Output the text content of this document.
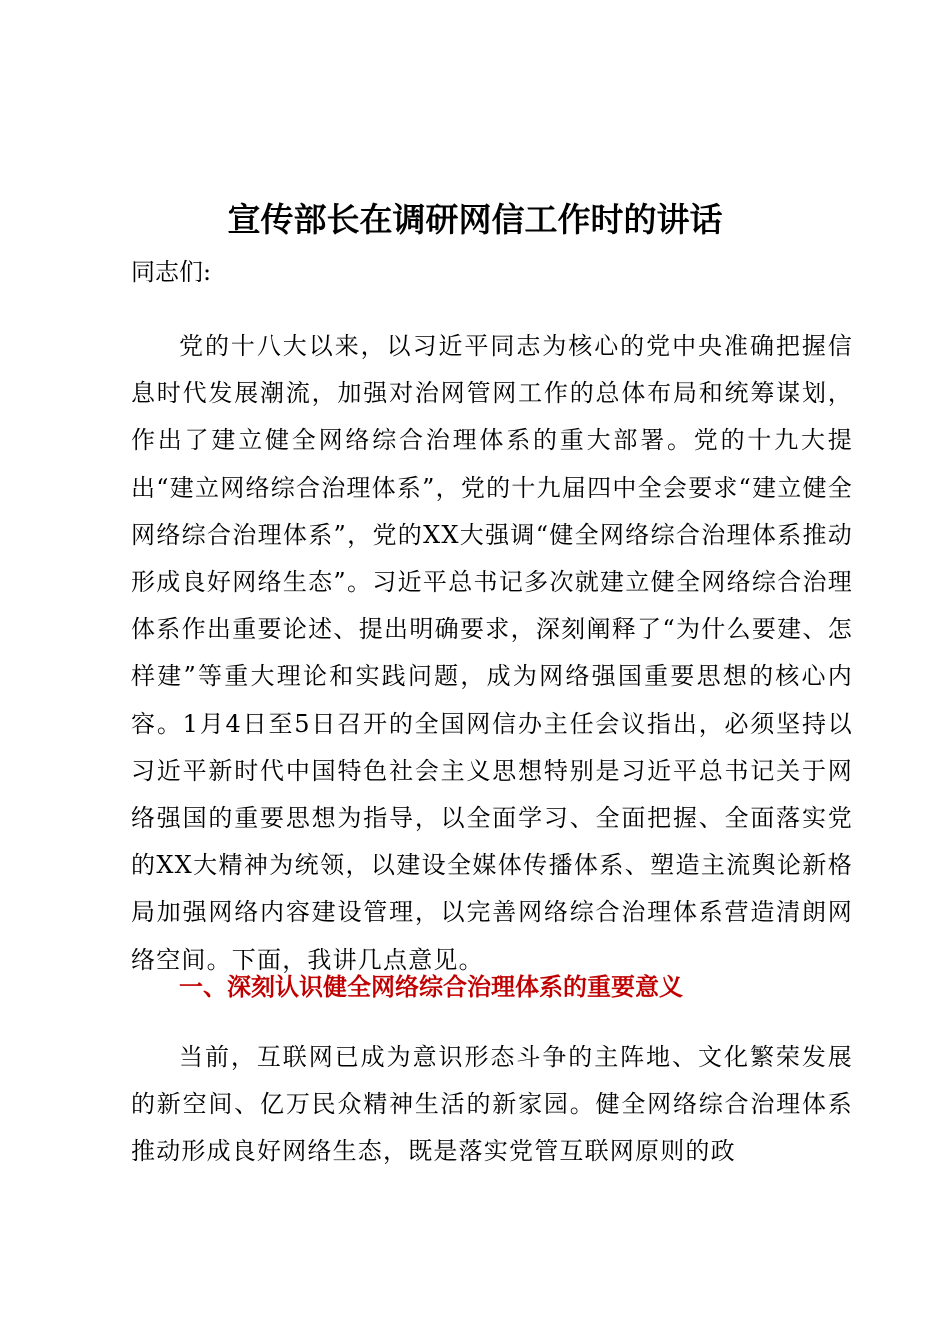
宣传部长在调研网信工作时的讲话

同志们:

党的十八大以来，以习近平同志为核心的党中央准确把握信息时代发展潮流，加强对治网管网工作的总体布局和统筹谋划，作出了建立健全网络综合治理体系的重大部署。党的十九大提出“建立网络综合治理体系”，党的十九届四中全会要求“建立健全网络综合治理体系”，党的XX大强调“健全网络综合治理体系推动形成良好网络生态”。习近平总书记多次就建立健全网络综合治理体系作出重要论述、提出明确要求，深刻阐释了“为什么要建、怎样建”等重大理论和实践问题，成为网络强国重要思想的核心内容。1月4日至5日召开的全国网信办主任会议指出，必须坚持以习近平新时代中国特色社会主义思想特别是习近平总书记关于网络强国的重要思想为指导，以全面学习、全面把握、全面落实党的XX大精神为统领，以建设全媒体传播体系、塑造主流舆论新格局加强网络内容建设管理，以完善网络综合治理体系营造清朗网络空间。下面，我讲几点意见。

一、深刻认识健全网络综合治理体系的重要意义

当前，互联网已成为意识形态斗争的主阵地、文化繁荣发展的新空间、亿万民众精神生活的新家园。健全网络综合治理体系推动形成良好网络生态，既是落实党管互联网原则的政
